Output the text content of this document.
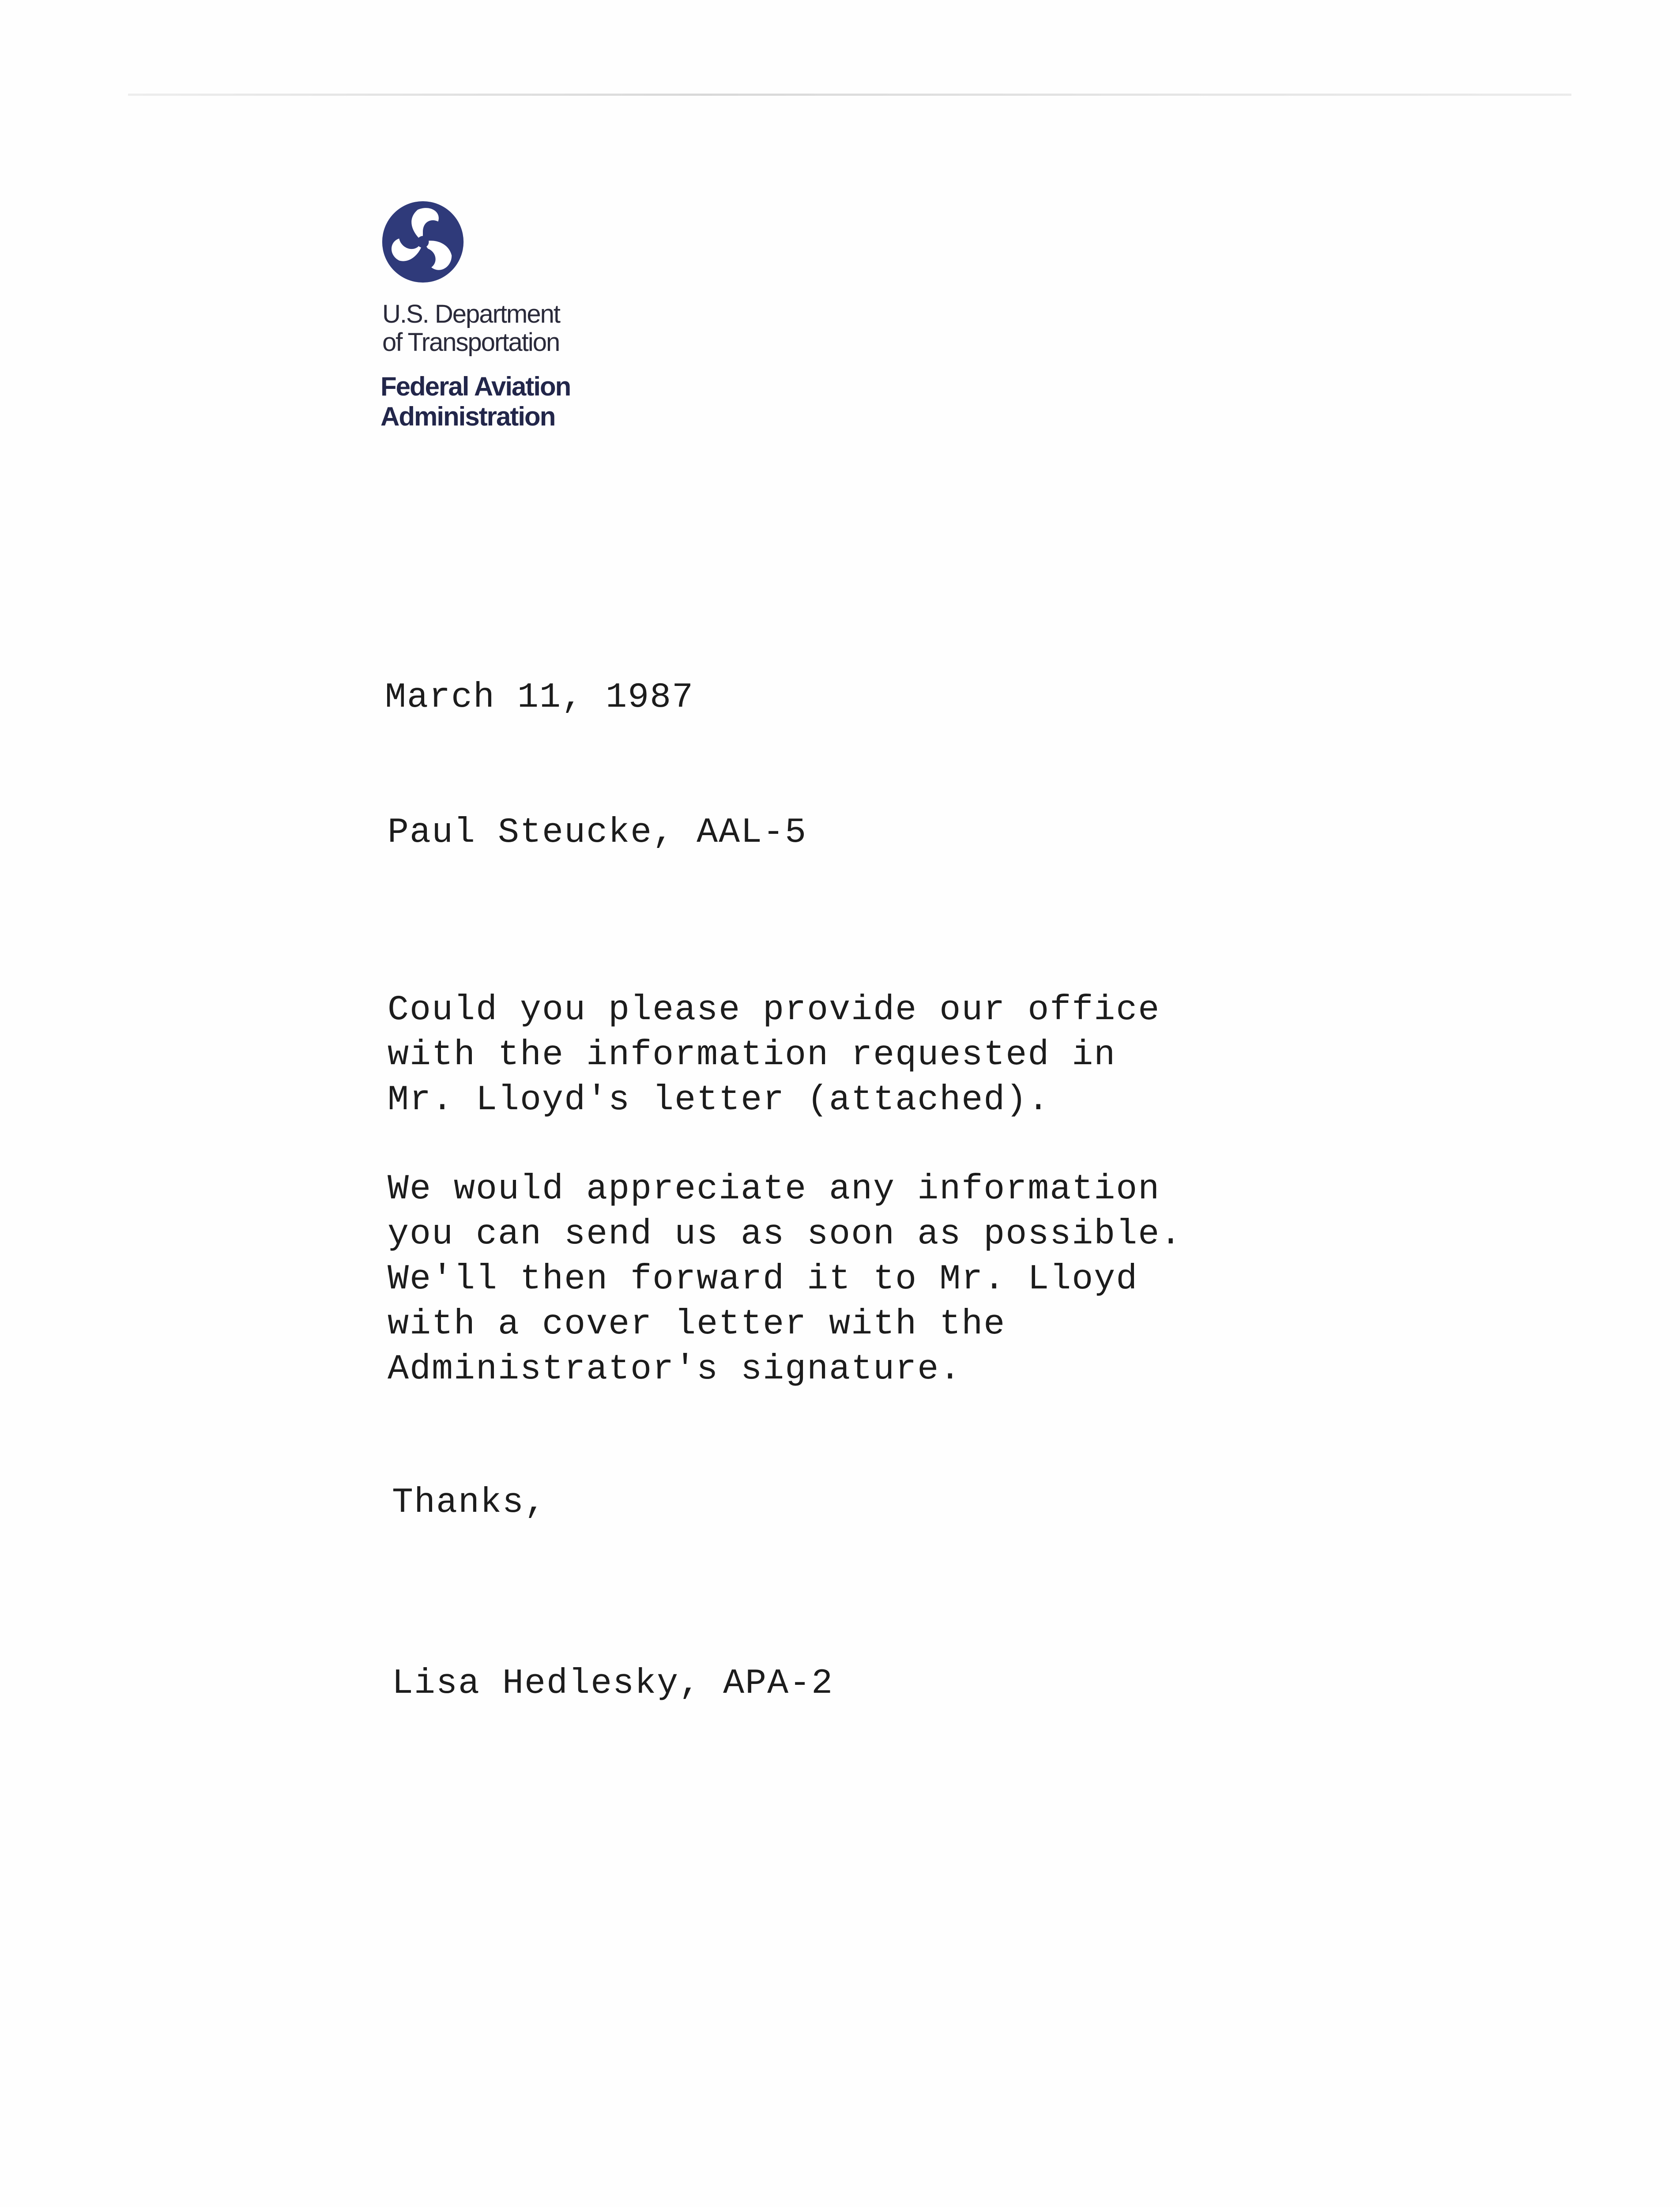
U.S. Department
of Transportation
Federal Aviation
Administration
March 11, 1987
Paul Steucke, AAL-5
Could you please provide our office
with the information requested in
Mr. Lloyd's letter (attached).
We would appreciate any information
you can send us as soon as possible.
We'll then forward it to Mr. Lloyd
with a cover letter with the
Administrator's signature.
Thanks,
Lisa Hedlesky, APA-2
